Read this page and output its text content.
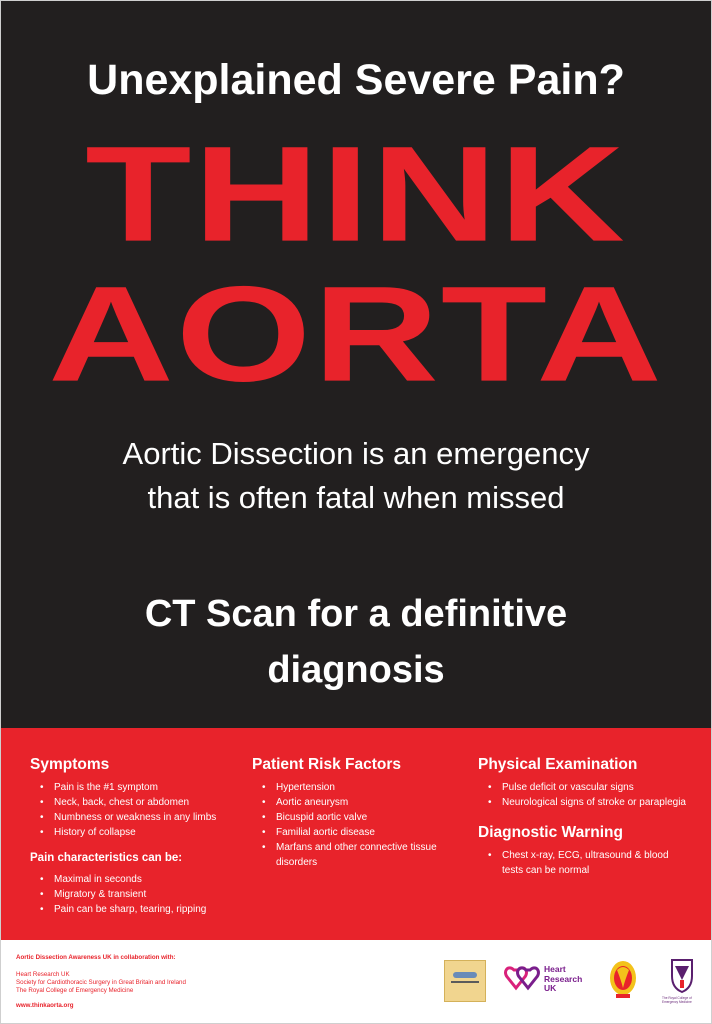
Unexplained Severe Pain?
THINK
AORTA
Aortic Dissection is an emergency
that is often fatal when missed
CT Scan for a definitive
diagnosis
Symptoms
• Pain is the #1 symptom
• Neck, back, chest or abdomen
• Numbness or weakness in any limbs
• History of collapse
Pain characteristics can be:
• Maximal in seconds
• Migratory & transient
• Pain can be sharp, tearing, ripping
Patient Risk Factors
• Hypertension
• Aortic aneurysm
• Bicuspid aortic valve
• Familial aortic disease
• Marfans and other connective tissue disorders
Physical Examination
• Pulse deficit or vascular signs
• Neurological signs of stroke or paraplegia
Diagnostic Warning
• Chest x-ray, ECG, ultrasound & blood tests can be normal
Aortic Dissection Awareness UK in collaboration with:
Heart Research UK
Society for Cardiothoracic Surgery in Great Britain and Ireland
The Royal College of Emergency Medicine
www.thinkaorta.org
Heart
Research
UK
The Royal College of Emergency Medicine
